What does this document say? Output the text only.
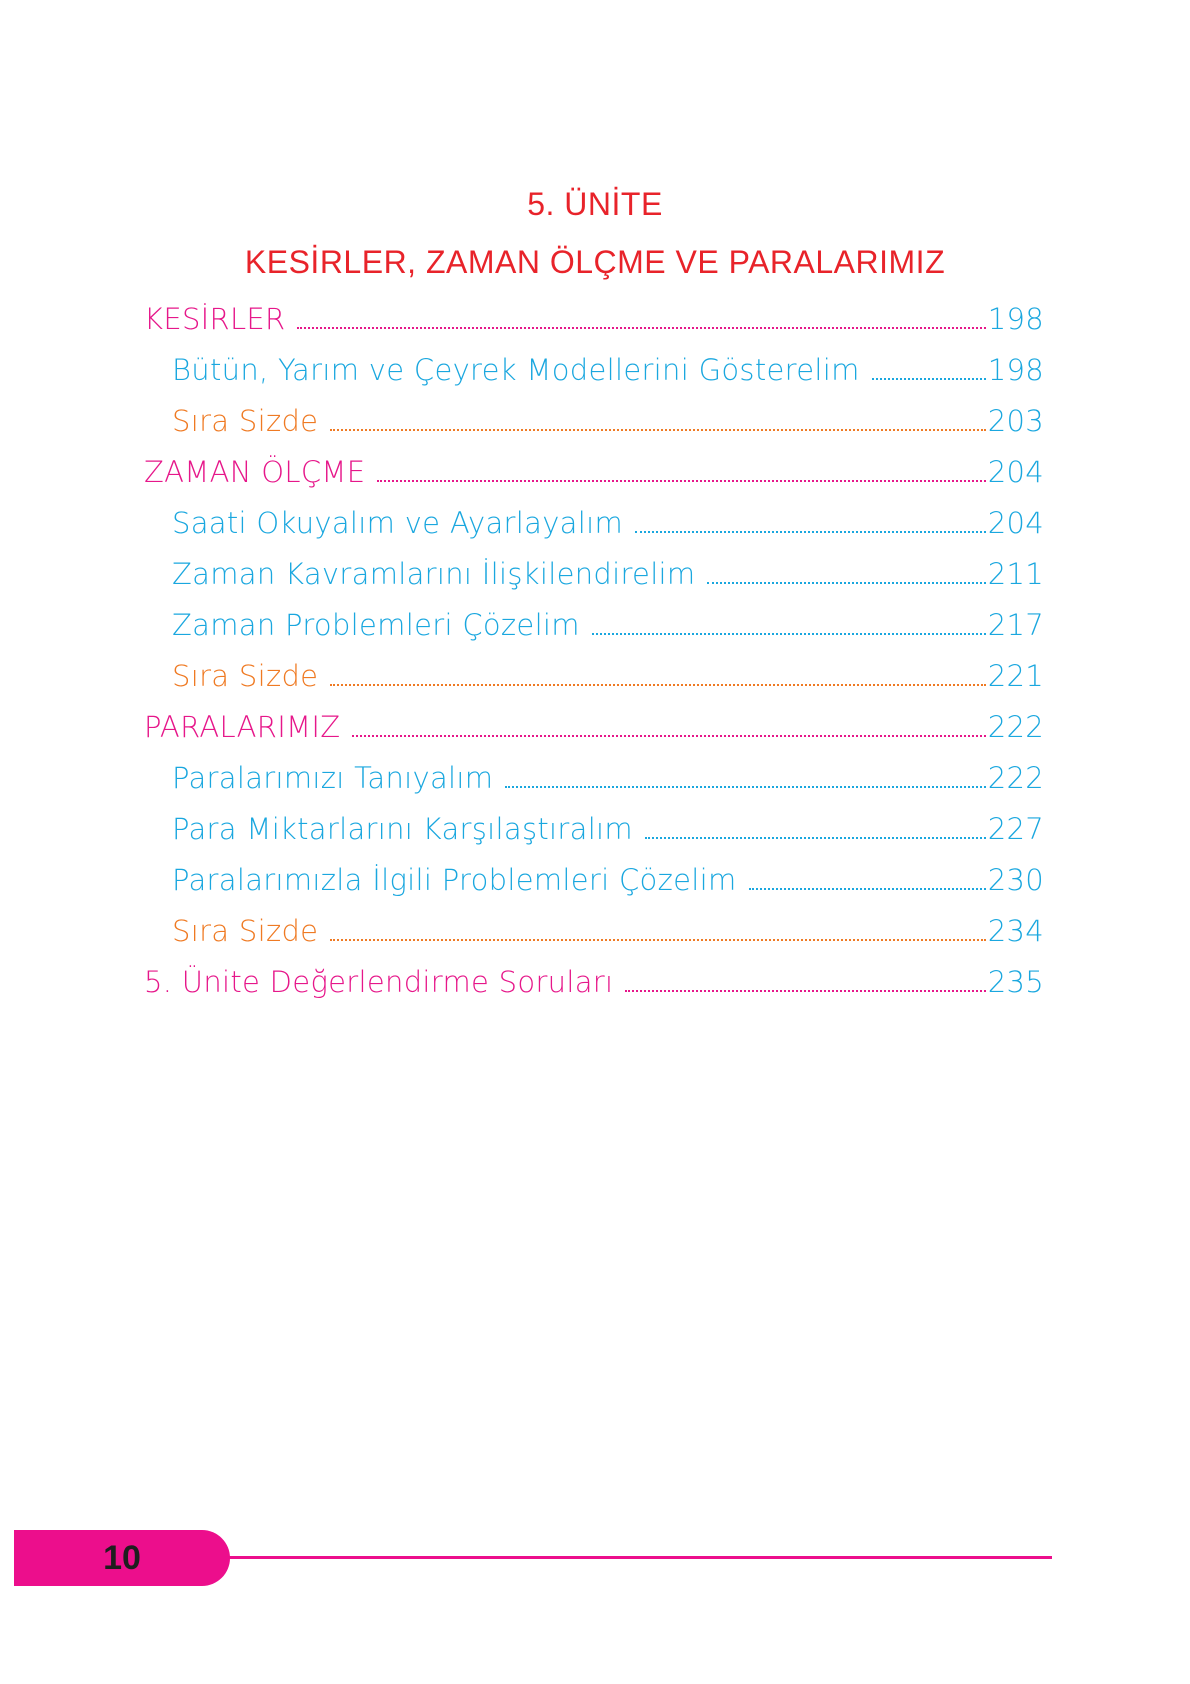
5. ÜNİTE
KESİRLER, ZAMAN ÖLÇME VE PARALARIMIZ
KESİRLER	198
Bütün, Yarım ve Çeyrek Modellerini Gösterelim	198
Sıra Sizde	203
ZAMAN ÖLÇME	204
Saati Okuyalım ve Ayarlayalım	204
Zaman Kavramlarını İlişkilendirelim	211
Zaman Problemleri Çözelim	217
Sıra Sizde	221
PARALARIMIZ	222
Paralarımızı Tanıyalım	222
Para Miktarlarını Karşılaştıralım	227
Paralarımızla İlgili Problemleri Çözelim	230
Sıra Sizde	234
5. Ünite Değerlendirme Soruları	235
10
